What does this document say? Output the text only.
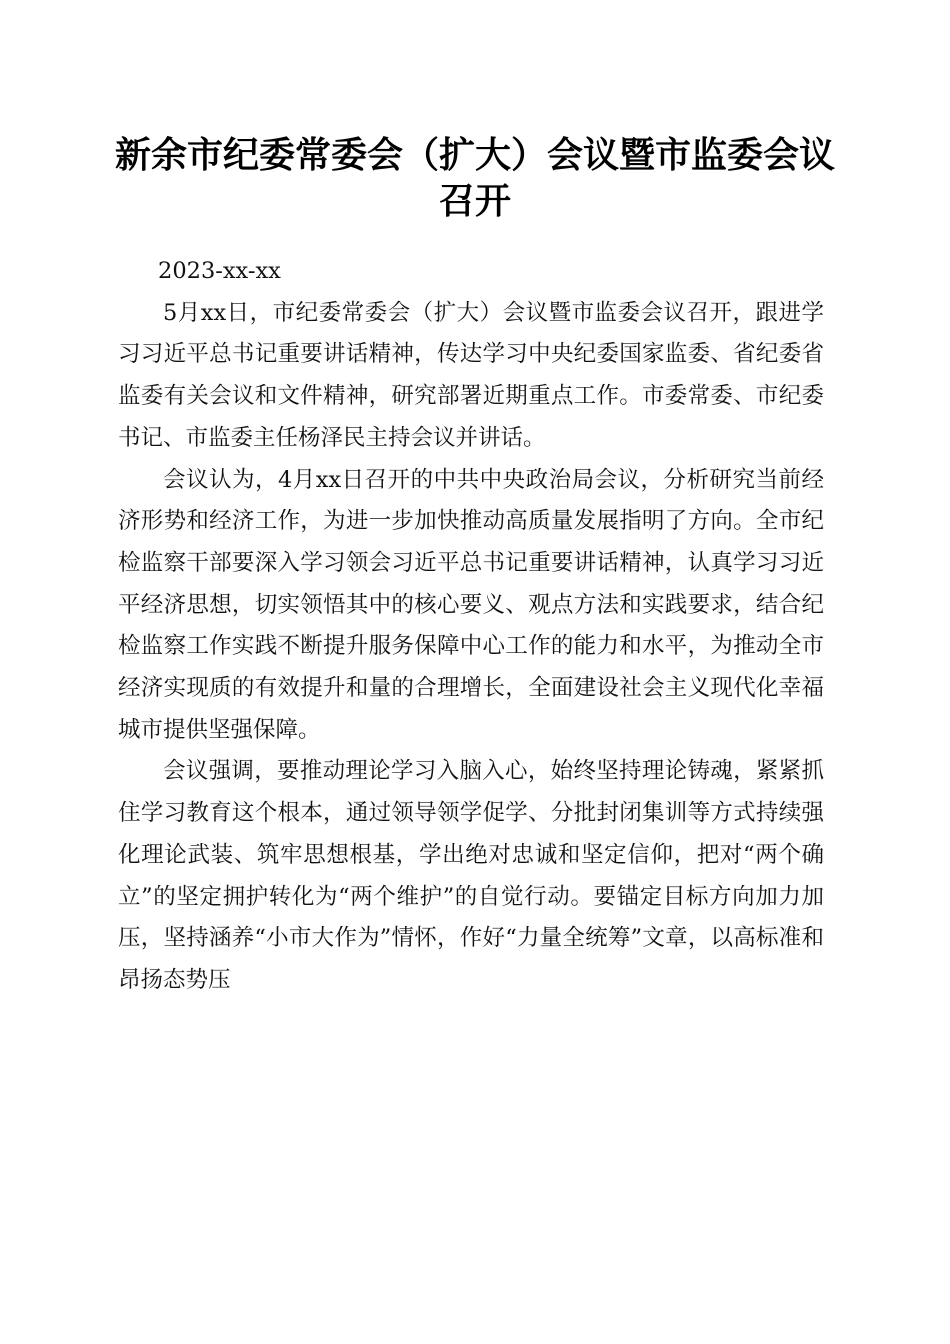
新余市纪委常委会（扩大）会议暨市监委会议
召开
2023-xx-xx

5月xx日，市纪委常委会（扩大）会议暨市监委会议召开，跟进学习习近平总书记重要讲话精神，传达学习中央纪委国家监委、省纪委省监委有关会议和文件精神，研究部署近期重点工作。市委常委、市纪委书记、市监委主任杨泽民主持会议并讲话。

会议认为，4月xx日召开的中共中央政治局会议，分析研究当前经济形势和经济工作，为进一步加快推动高质量发展指明了方向。全市纪检监察干部要深入学习领会习近平总书记重要讲话精神，认真学习习近平经济思想，切实领悟其中的核心要义、观点方法和实践要求，结合纪检监察工作实践不断提升服务保障中心工作的能力和水平，为推动全市经济实现质的有效提升和量的合理增长，全面建设社会主义现代化幸福城市提供坚强保障。

会议强调，要推动理论学习入脑入心，始终坚持理论铸魂，紧紧抓住学习教育这个根本，通过领导领学促学、分批封闭集训等方式持续强化理论武装、筑牢思想根基，学出绝对忠诚和坚定信仰，把对“两个确立”的坚定拥护转化为“两个维护”的自觉行动。要锚定目标方向加力加压，坚持涵养“小市大作为”情怀，作好“力量全统筹”文章，以高标准和昂扬态势压
